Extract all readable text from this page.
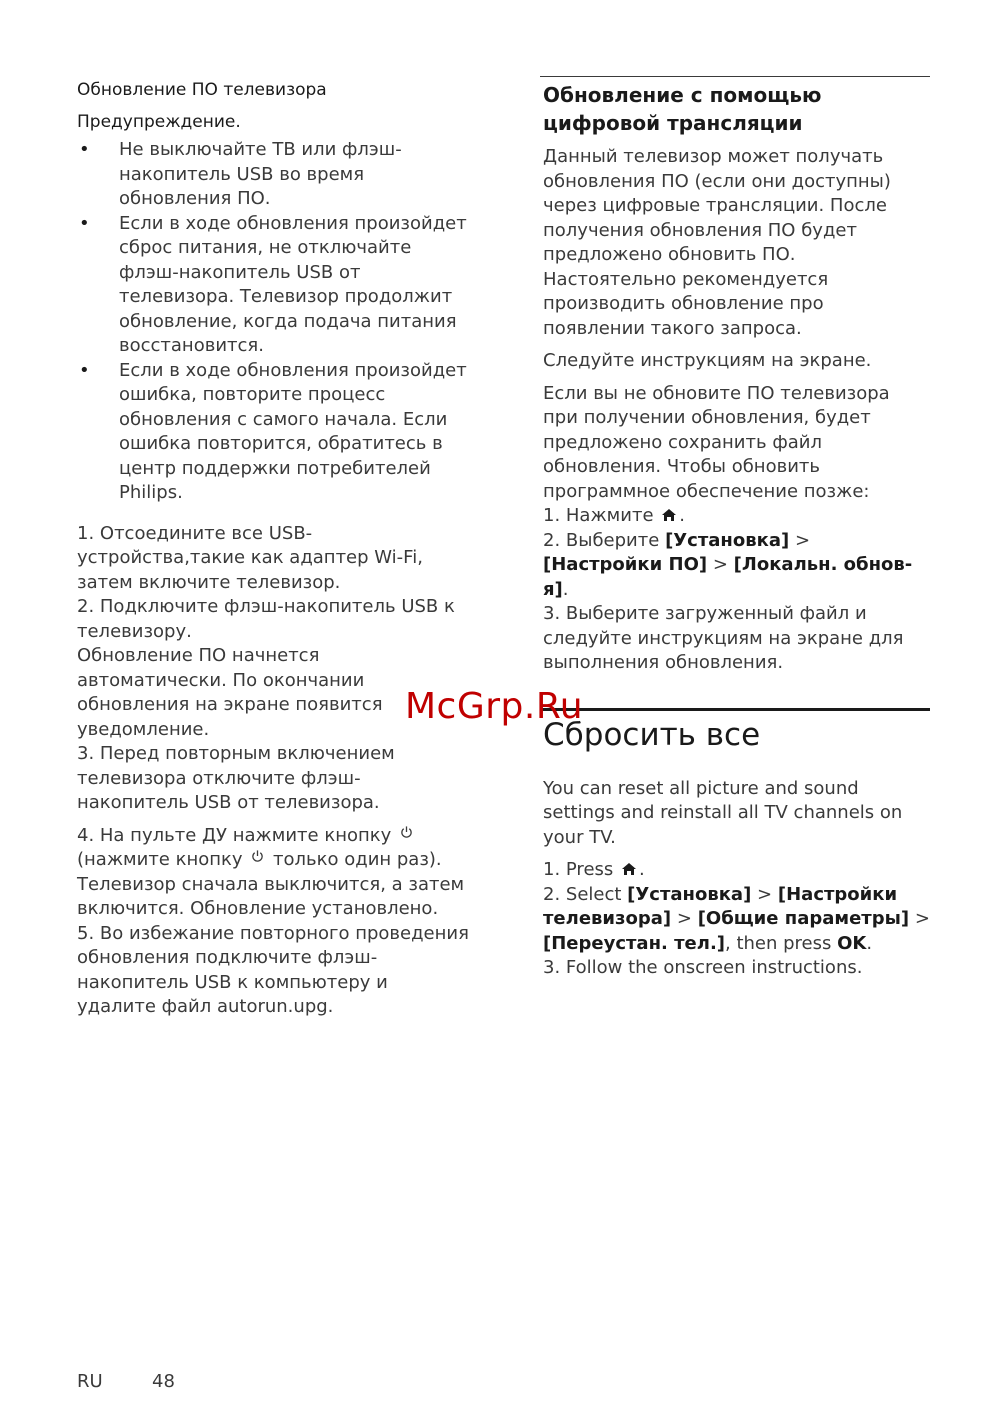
Обновление ПО телевизора

Предупреждение.

• Не выключайте ТВ или флэш-накопитель USB во время обновления ПО.
• Если в ходе обновления произойдет сброс питания, не отключайте флэш-накопитель USB от телевизора. Телевизор продолжит обновление, когда подача питания восстановится.
• Если в ходе обновления произойдет ошибка, повторите процесс обновления с самого начала. Если ошибка повторится, обратитесь в центр поддержки потребителей Philips.

1. Отсоедините все USB-устройства,такие как адаптер Wi-Fi, затем включите телевизор.

2. Подключите флэш-накопитель USB к телевизору.

Обновление ПО начнется автоматически. По окончании обновления на экране появится уведомление.

3. Перед повторным включением телевизора отключите флэш-накопитель USB от телевизора.

4. На пульте ДУ нажмите кнопку  (нажмите кнопку только один раз). Телевизор сначала выключится, а затем включится. Обновление установлено.

5. Во избежание повторного проведения обновления подключите флэш-накопитель USB к компьютеру и удалите файл autorun.upg.

Обновление с помощью цифровой трансляции

Данный телевизор может получать обновления ПО (если они доступны) через цифровые трансляции. После получения обновления ПО будет предложено обновить ПО. Настоятельно рекомендуется производить обновление про появлении такого запроса.

Следуйте инструкциям на экране.

Если вы не обновите ПО телевизора при получении обновления, будет предложено сохранить файл обновления. Чтобы обновить программное обеспечение позже:

1. Нажмите .

2. Выберите [Установка] > [Настройки ПО] > [Локальн. обнов-я].

3. Выберите загруженный файл и следуйте инструкциям на экране для выполнения обновления.

Сбросить все

You can reset all picture and sound settings and reinstall all TV channels on your TV.

1. Press .

2. Select [Установка] > [Настройки телевизора] > [Общие параметры] > [Переустан. тел.], then press OK.

3. Follow the onscreen instructions.

McGrp.Ru
RU	48
